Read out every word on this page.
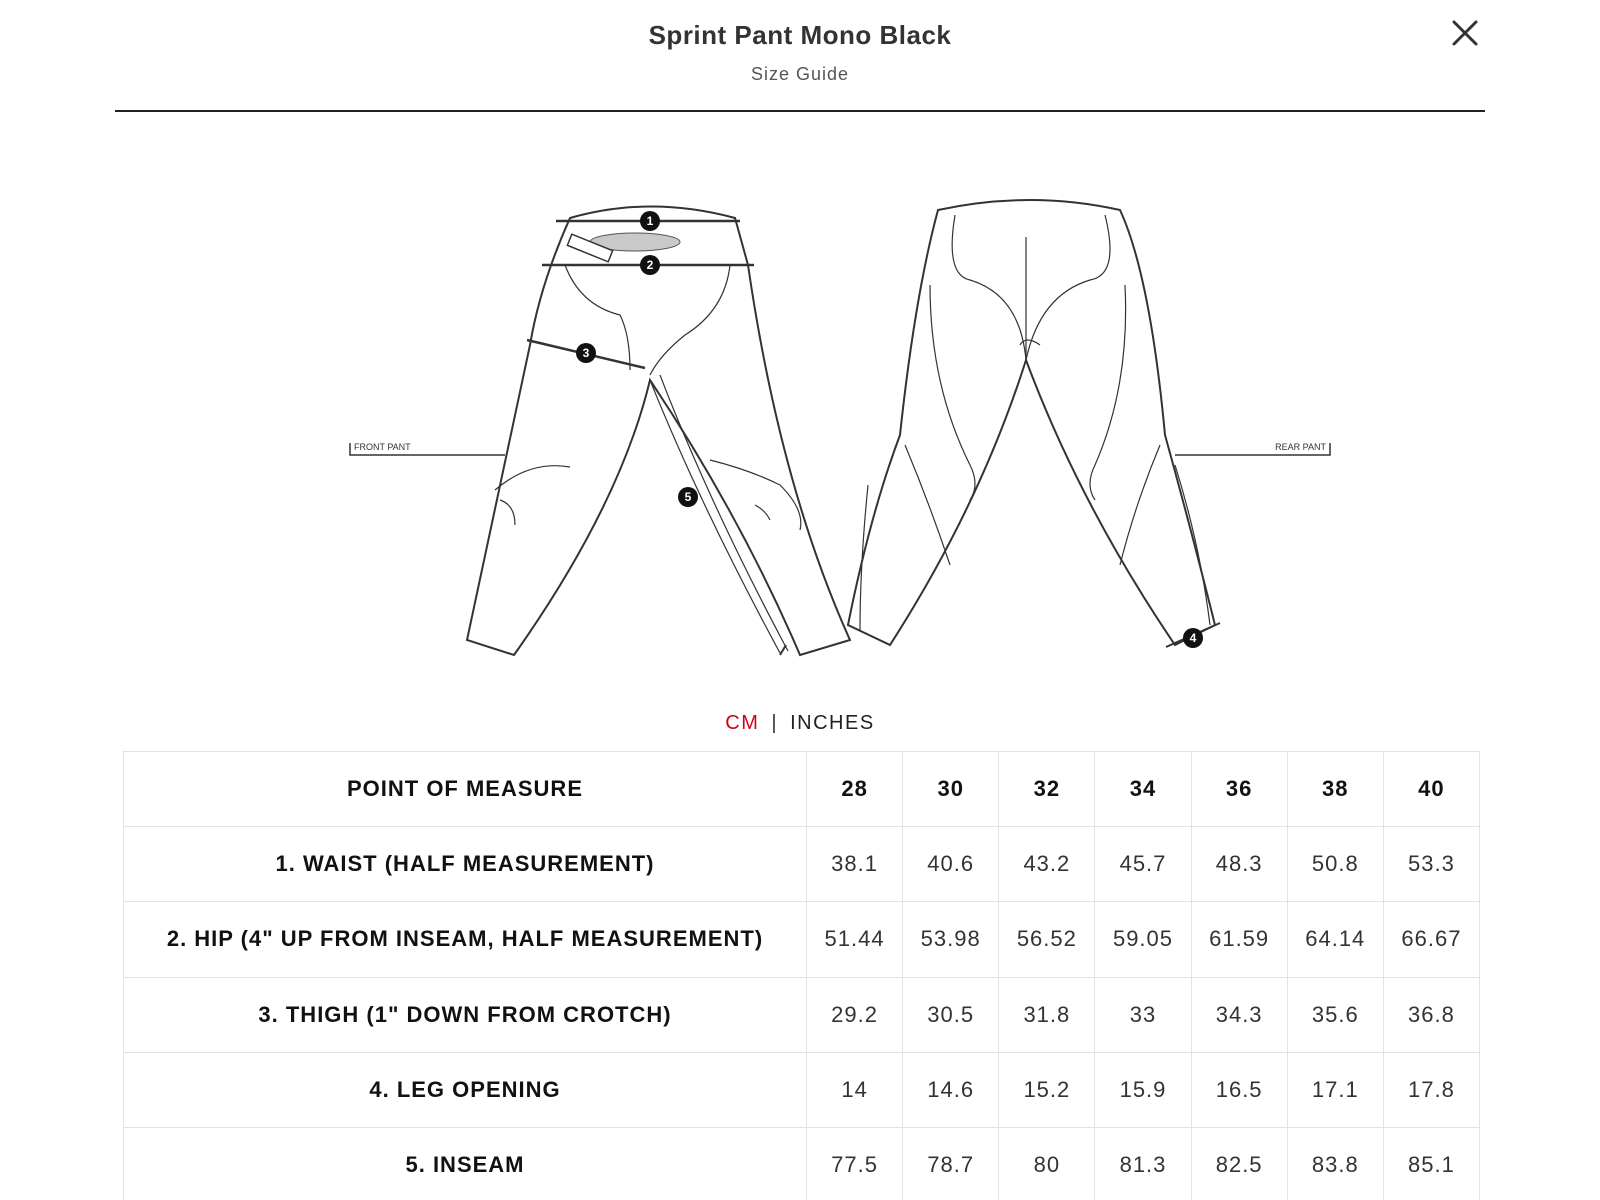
Sprint Pant Mono Black
Size Guide
FRONT PANT	REAR PANT
1
2
3
4
5
CM | INCHES
POINT OF MEASURE	28	30	32	34	36	38	40
1. WAIST (HALF MEASUREMENT)	38.1	40.6	43.2	45.7	48.3	50.8	53.3
2. HIP (4" UP FROM INSEAM, HALF MEASUREMENT)	51.44	53.98	56.52	59.05	61.59	64.14	66.67
3. THIGH (1" DOWN FROM CROTCH)	29.2	30.5	31.8	33	34.3	35.6	36.8
4. LEG OPENING	14	14.6	15.2	15.9	16.5	17.1	17.8
5. INSEAM	77.5	78.7	80	81.3	82.5	83.8	85.1
